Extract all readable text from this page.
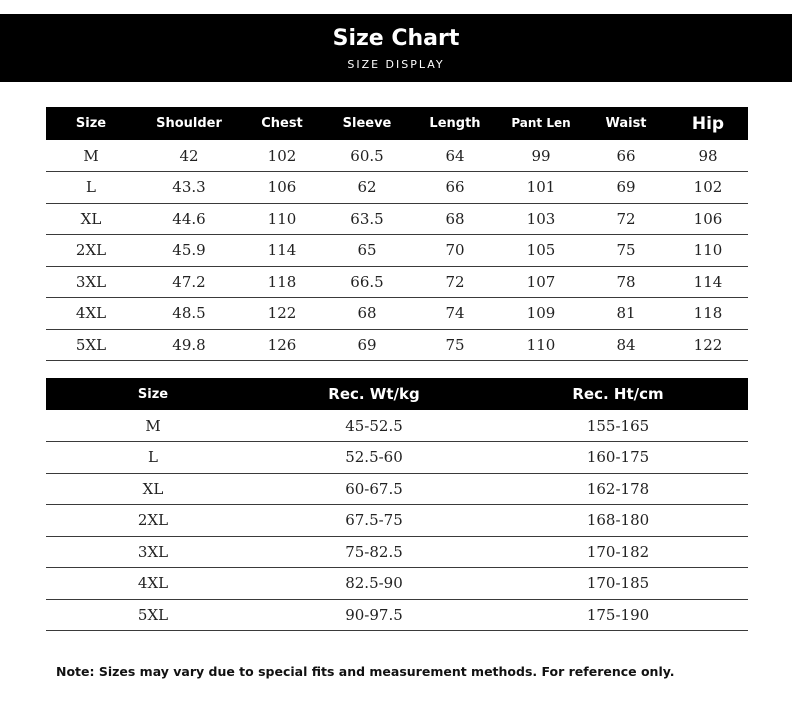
Size Chart
SIZE DISPLAY
Size	Shoulder	Chest	Sleeve	Length	Pant Len	Waist	Hip
M	42	102	60.5	64	99	66	98
L	43.3	106	62	66	101	69	102
XL	44.6	110	63.5	68	103	72	106
2XL	45.9	114	65	70	105	75	110
3XL	47.2	118	66.5	72	107	78	114
4XL	48.5	122	68	74	109	81	118
5XL	49.8	126	69	75	110	84	122
Size	Rec. Wt/kg	Rec. Ht/cm
M	45-52.5	155-165
L	52.5-60	160-175
XL	60-67.5	162-178
2XL	67.5-75	168-180
3XL	75-82.5	170-182
4XL	82.5-90	170-185
5XL	90-97.5	175-190
Note: Sizes may vary due to special fits and measurement methods. For reference only.
